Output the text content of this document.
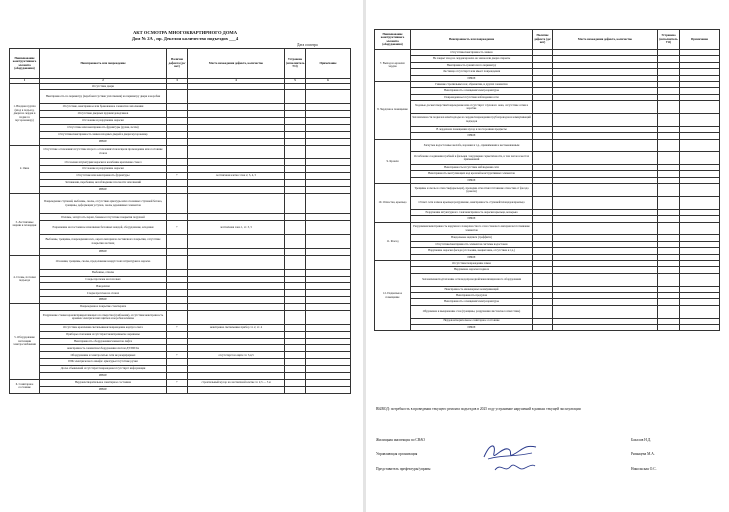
АКТ ОСМОТРА МНОГОКВАРТИРНОГО ДОМА
Дом № 2А , пр. Декелон количество подъездов ___4
Дата осмотра
Наименование конструктивного элемента (оборудования)	Неисправность или повреждение	Наличие дефекта (да/нет)	Место нахождения дефекта, количество	Устранено (исполнитель УО)	Примечание
1	2	3	4	5	6
1. Входная группа (вход в подъезд, двери на чердак в подвал в мусорокамеру)	Отсутствие двери				
	Неисправность по периметру (перебоиотсуствие уплотнения) на периметру двери и коробки				
	Отсутствие, неисправное или бракованное элементов заполнения				
	Отсутствие дверных пружин/доводчиков				
	Отслоение и разрушение окраски				
	Отсутствие или неисправность фурнитуры (ручки, петли)				
	Отсутствие/неисправность замков входных дверей в двери мусорокамер				
	ИНОЕ				
2. Окна	Отсутствие остекления/отсутствие второго остекления/стекла/щели прохождение или состояние стекла				
	Отслоение штукатурки/окраски и колебание крепление стекол				
	Отслоение и разрушение окраски				
	Отсутствие или неисправность фурнитуры	+	лестничная клетка этаж 2, 3, 4, 5		
	Заглавками, перебоями, несоблюдение плоскости заполнений				
	ИНОЕ				
3. Лестничные марши и площадки	Повреждение ступеней, выбоины, сколы, отсутствие арматуры или оголенных ступеней бетона, трещины, деформация уступов, сколы деревянных элементов				
	Изломы, загнутость перил, бежевое/отсутствие покрытия поручней				
	Разрешение на постоянное изношение бетонных каждой, оборудование, кладовки	+	лестничная зона 1, эт. 3, 5		
	Выбоины, трещины, повреждения всех, окраса материала лестничного покрытия, отсутствие покрытия лестниц				
	ИНОЕ				
4. Стены, потолки подъезда	Оголения, трещины, сколы, продолжение вокругслоях штукатурки и окраска				
	Выбоины, отвалы				
	Следы протечек на потолках				
	Вандализм				
	Следы протечек на стенах				
	ИНОЕ				
5. Оборудование системами электроснабжения	Поврежденное покрытие стен/перила				
	Разрушение стенки кровли/прикрепляющегося отверстия (грибоками), отсутствие/неисправность крышек электрических щитков и коробки клеммы				
	Отсутствие крепления светильников/повреждение корпуса света	+	неисправна светильника прибор эт. 2, эт. 4		
	Приборы отопления отсутствуют/неисправны/не окрашены				
	Неисправность оборудования/элементов лифта				
	неисправность элементов/оборудования систем ДУ/ППЗА				
	Оборудование и электросетью сети не резервуарных	+	отсутствует на щите эт. 3,4,5		
	ИЗК электрического шкафа/ арматуры/отсутствие ручки				
	Доска объявлений отсутствует/повреждена/отсутствует информации				
	ИНОЕ				
6. Санитарное состояние	Неудовлетворительное санитарное состояние	+	строительный мусор на лестничной клетке эт. 2,3 — 5 и		
	ИНОЕ				
Наименование конструктивного элемента (оборудования)	Неисправность или повреждение	Наличие дефекта (да/нет)	Место нахождения дефекта, количество	Устранено (исполнитель УО)	Примечание
7. Выход на кровлю/чердак	Отсутствие/неисправность замков				
	Не закрыт вход на чердак/кровлю на замок или двери открыты				
	Неисправность гранитоля по периметру				
	Лестница отсутствует или имеет повреждения				
	ИНОЕ				
8. Чердачное помещение	Гниение стропильных ног, обрешетки, и других элементов				
	Неисправность освещения/электроарматуры				
	Поврежденное/отсутствие наблюдения сети				
	Ходовые доски/отверстия/повреждение или отсутствует слухового окна, отсутствие сетки в коробке				
	Захламленности подвалов или/подходы на чердак/повреждения трубопроводов и коммуникаций подходов				
	В чердачном помещении мусор и посторонние предметы				
	ИНОЕ				
9. Кровля	Загнутые водосточные желоба, воронки и т.д., прижимания к нестыкованным				
	Ослабление соединения гребней и фальцев / нарушение герметичности, в том числе в местах примыканий				
	Неисправность/отсутствие наблюдения сети				
	Неисправность выступающих над кровлей конструктивных элементов				
	ИНОЕ				
10. Отмостка, крыльцо	Трещины и сколы в отмостке(крыльцах), провадки отмостки/отставание отмостки от фасада (цоколя)				
	Отсвет сети и ямок крыльца/разрушение, неисправность ступеней/площадок/крыльца				
	Разрушение штукатурного слоя/неисправность окраски крыльца, козырька				
	ИНОЕ				
11. Фасад	Разрушение/неисправность наружного поверхностного слоя стенового материала/отслаивание элементов				
	Вандальные надписи (граффити)				
	Отсутствие/неисправность элементов системы водостоков				
	Нарушение окраски фасада (отслоение, выцветание, отсутствие и т.д.)				
	ИНОЕ				
12. Подвальное помещение	Отсутствие/повреждение замка				
	Нарушение окраски подвала				
	Захламление/подтопление сети водопроводной/канализационного оборудования				
	Неисправность инженерных коммуникаций				
	Неисправность продухов				
	Неисправность освещения/электроарматуры				
	Обрушение и выкрашение стен (трещины, разрушения листов/несоответствие)				
	Неудовлетворительное санитарное состояние				
	ИНОЕ				
ВЫВОД: потребность в проведении текущего ремонта подъездов в 2025 году устранение нарушений в рамках текущей эксплуатации
Жилищная инспекция по СВАО	Бахалов Н.Д.
Управляющая организация	Рязанцева М.А.
Представитель префектуры/управы	Никольская О.С.
